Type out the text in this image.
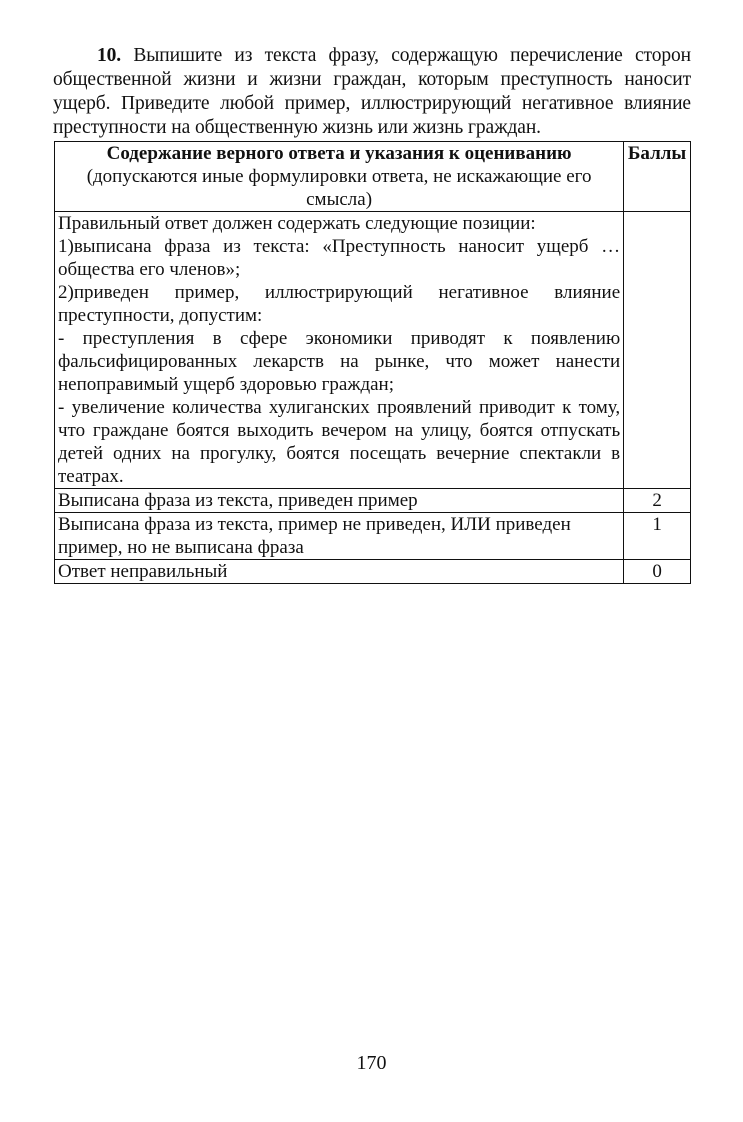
10. Выпишите из текста фразу, содержащую перечисление сторон общественной жизни и жизни граждан, которым преступность наносит ущерб. Приведите любой пример, иллюстрирующий негативное влияние преступности на общественную жизнь или жизнь граждан.
Содержание верного ответа и указания к оцениванию
(допускаются иные формулировки ответа, не искажающие его смысла)	Баллы

Правильный ответ должен содержать следующие позиции:
1)выписана фраза из текста: «Преступность наносит ущерб … общества его членов»;
2)приведен пример, иллюстрирующий негативное влияние преступности, допустим:
- преступления в сфере экономики приводят к появлению фальсифицированных лекарств на рынке, что может нанести непоправимый ущерб здоровью граждан;
- увеличение количества хулиганских проявлений приводит к тому, что граждане боятся выходить вечером на улицу, боятся отпускать детей одних на прогулку, боятся посещать вечерние спектакли в театрах.	

Выписана фраза из текста, приведен пример	2
Выписана фраза из текста, пример не приведен, ИЛИ приведен пример, но не выписана фраза	1
Ответ неправильный	0
170
